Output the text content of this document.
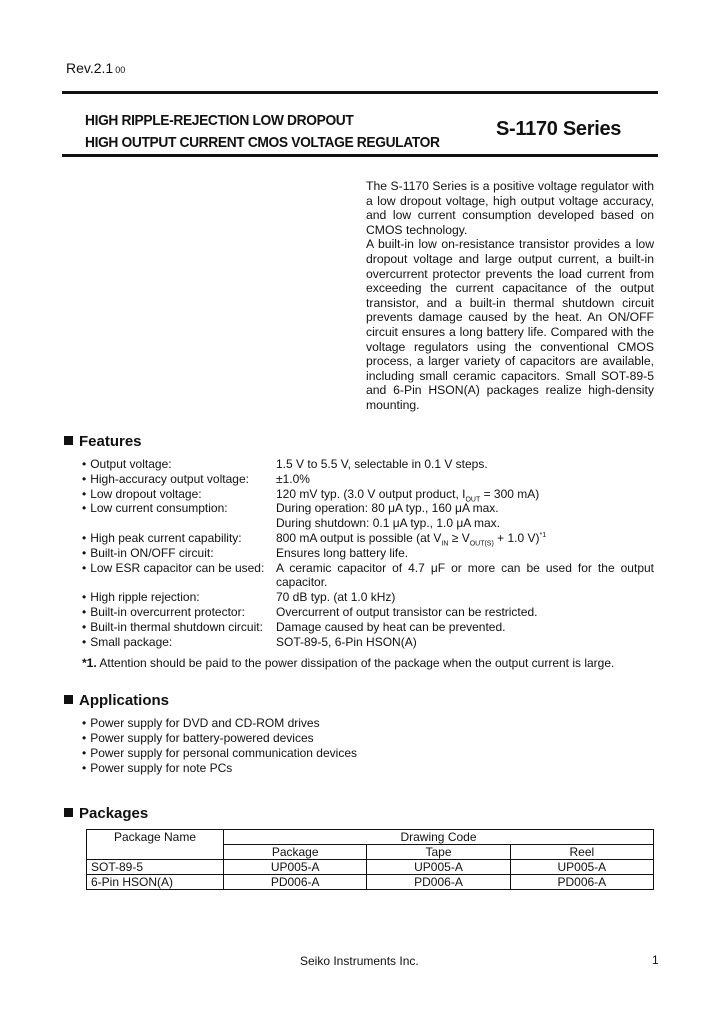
Rev.2.1 00
HIGH RIPPLE-REJECTION LOW DROPOUT
HIGH OUTPUT CURRENT CMOS VOLTAGE REGULATOR
S-1170 Series

The S-1170 Series is a positive voltage regulator with a low dropout voltage, high output voltage accuracy, and low current consumption developed based on CMOS technology.

A built-in low on-resistance transistor provides a low dropout voltage and large output current, a built-in overcurrent protector prevents the load current from exceeding the current capacitance of the output transistor, and a built-in thermal shutdown circuit prevents damage caused by the heat. An ON/OFF circuit ensures a long battery life. Compared with the voltage regulators using the conventional CMOS process, a larger variety of capacitors are available, including small ceramic capacitors. Small SOT-89-5 and 6-Pin HSON(A) packages realize high-density mounting.

Features
• Output voltage:	1.5 V to 5.5 V, selectable in 0.1 V steps.
• High-accuracy output voltage: ±1.0%
• Low dropout voltage:	120 mV typ. (3.0 V output product, $I_{OUT} = 300$ mA)
• Low current consumption:	During operation: 80 μA typ., 160 μA max.
During shutdown: 0.1 μA typ., 1.0 μA max.
• High peak current capability:	800 mA output is possible (at $V_{IN} \ge V_{OUT(S)} + 1.0$ V)$^{*1}$
• Built-in ON/OFF circuit:	Ensures long battery life.
• Low ESR capacitor can be used: A ceramic capacitor of 4.7 μF or more can be used for the output capacitor.
• High ripple rejection:	70 dB typ. (at 1.0 kHz)
• Built-in overcurrent protector:	Overcurrent of output transistor can be restricted.
• Built-in thermal shutdown circuit: Damage caused by heat can be prevented.
• Small package:	SOT-89-5, 6-Pin HSON(A)
*1. Attention should be paid to the power dissipation of the package when the output current is large.
Applications
• Power supply for DVD and CD-ROM drives
• Power supply for battery-powered devices
• Power supply for personal communication devices
• Power supply for note PCs
Packages
Package Name	Drawing Code		
	Package	Tape	Reel
SOT-89-5	UP005-A	UP005-A	UP005-A
6-Pin HSON(A)	PD006-A	PD006-A	PD006-A
Seiko Instruments Inc.	1
